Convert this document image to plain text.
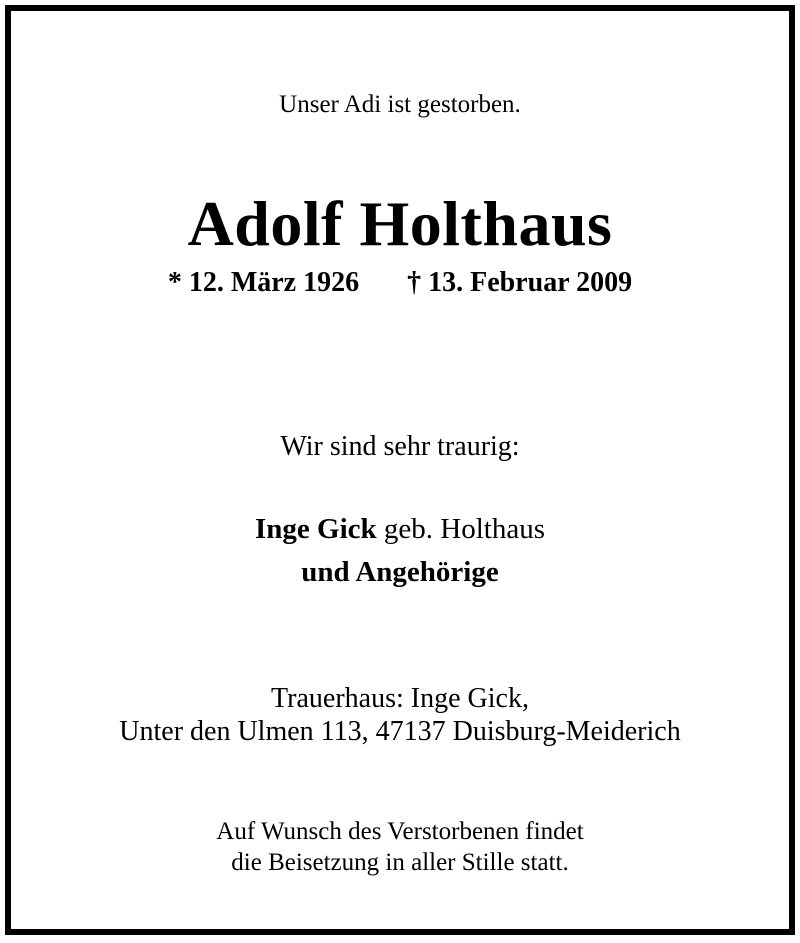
Unser Adi ist gestorben.
Adolf Holthaus
* 12. März 1926 † 13. Februar 2009
Wir sind sehr traurig:
Inge Gick geb. Holthaus
und Angehörige
Trauerhaus: Inge Gick,
Unter den Ulmen 113, 47137 Duisburg-Meiderich
Auf Wunsch des Verstorbenen findet
die Beisetzung in aller Stille statt.
